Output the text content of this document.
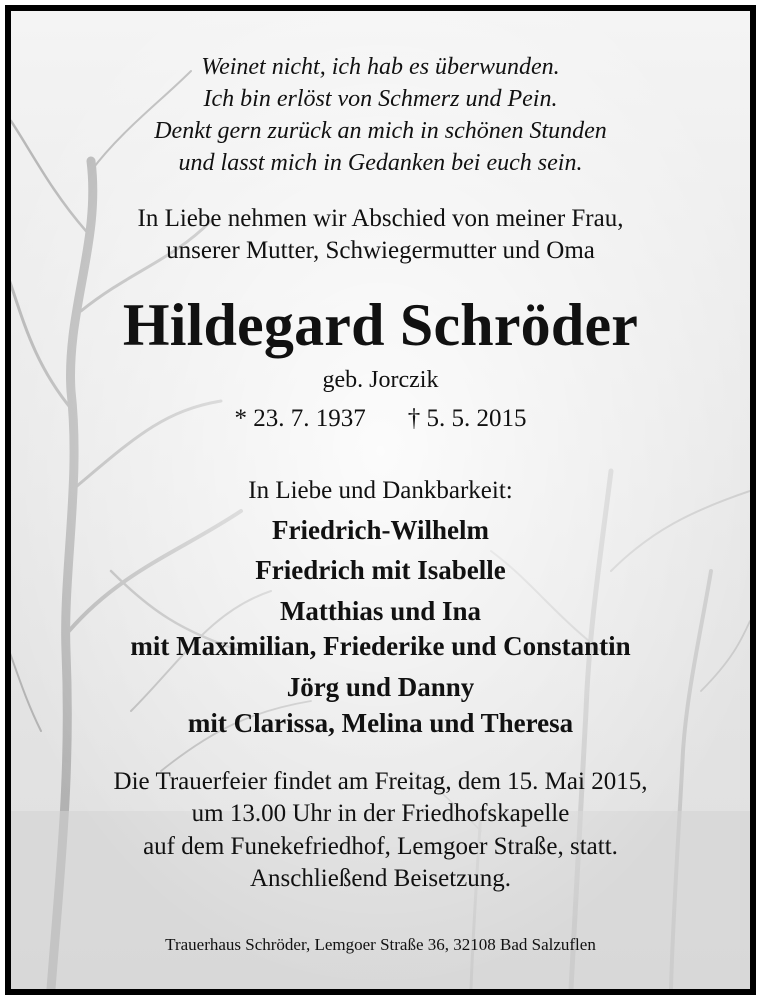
Weinet nicht, ich hab es überwunden.

Ich bin erlöst von Schmerz und Pein.

Denkt gern zurück an mich in schönen Stunden

und lasst mich in Gedanken bei euch sein.

In Liebe nehmen wir Abschied von meiner Frau,

unserer Mutter, Schwiegermutter und Oma

Hildegard Schröder

geb. Jorczik

* 23. 7. 1937 † 5. 5. 2015

In Liebe und Dankbarkeit:

Friedrich-Wilhelm

Friedrich mit Isabelle

Matthias und Ina

mit Maximilian, Friederike und Constantin

Jörg und Danny

mit Clarissa, Melina und Theresa

Die Trauerfeier findet am Freitag, dem 15. Mai 2015,

um 13.00 Uhr in der Friedhofskapelle

auf dem Funekefriedhof, Lemgoer Straße, statt.

Anschließend Beisetzung.

Trauerhaus Schröder, Lemgoer Straße 36, 32108 Bad Salzuflen
